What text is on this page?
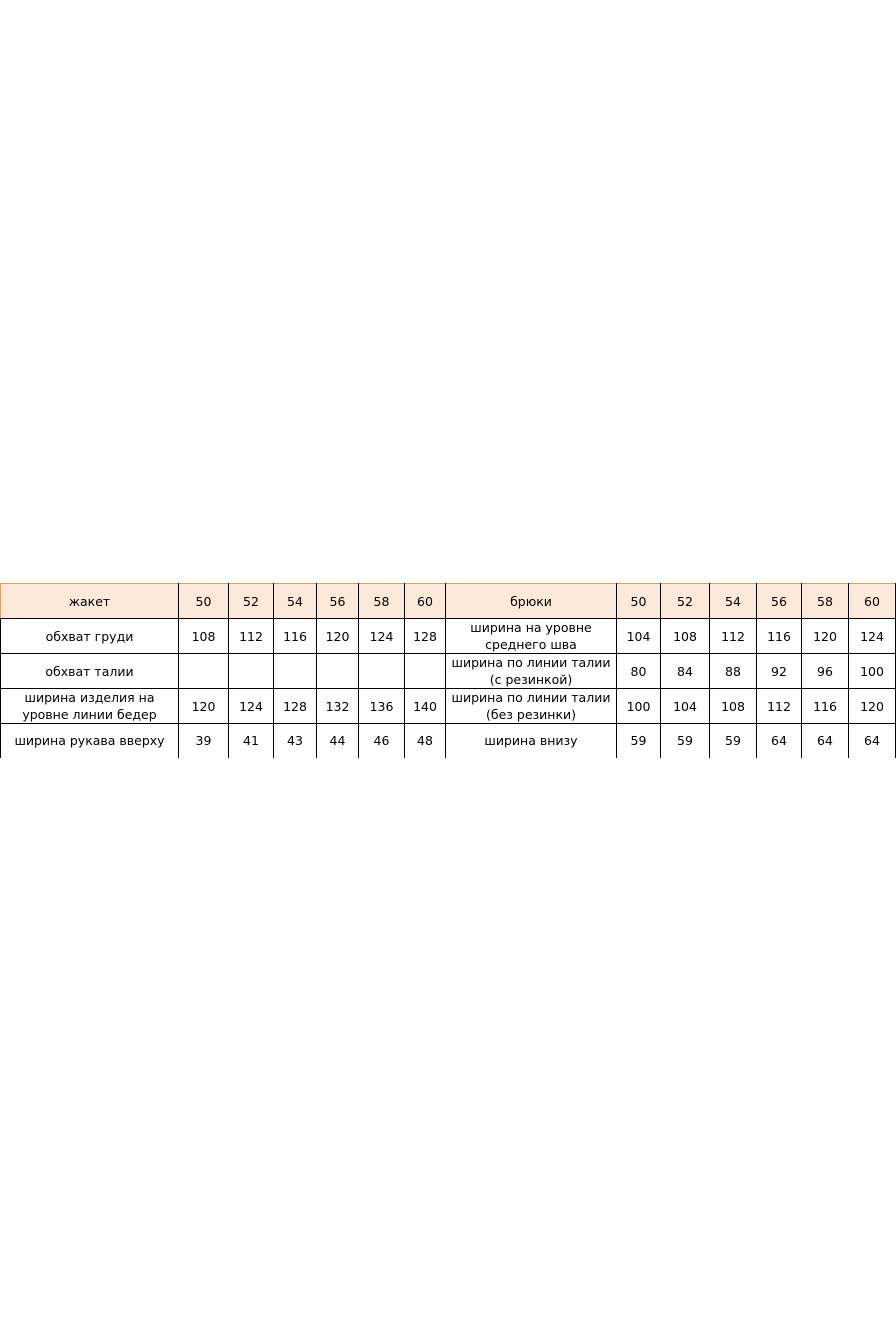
жакет	50	52	54	56	58	60	брюки	50	52	54	56	58	60
обхват груди	108	112	116	120	124	128	ширина на уровне среднего шва	104	108	112	116	120	124
обхват талии							ширина по линии талии (с резинкой)	80	84	88	92	96	100
ширина изделия на уровне линии бедер	120	124	128	132	136	140	ширина по линии талии (без резинки)	100	104	108	112	116	120
ширина рукава вверху	39	41	43	44	46	48	ширина внизу	59	59	59	64	64	64
